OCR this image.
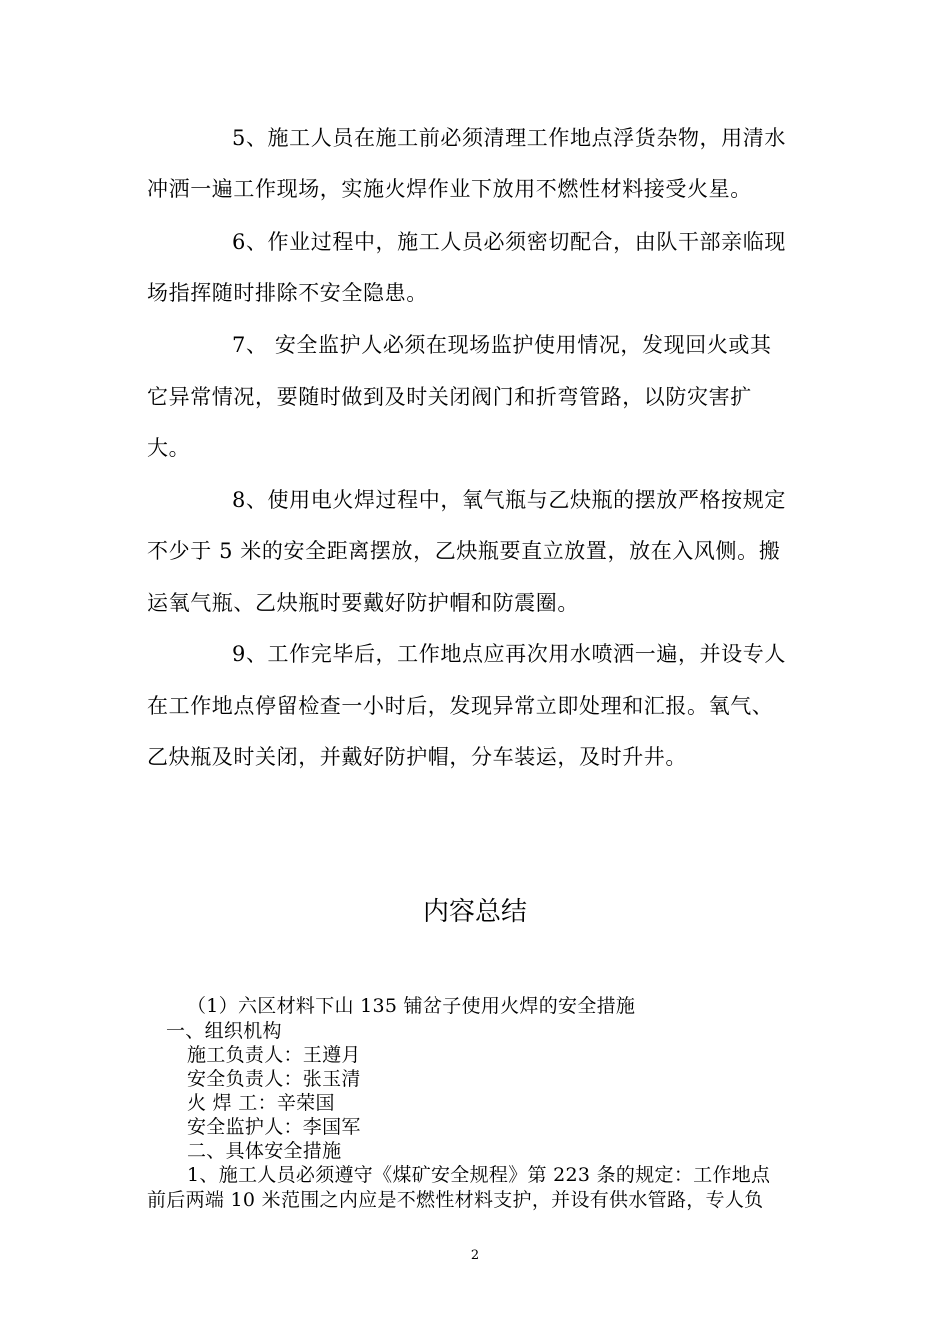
5、施工人员在施工前必须清理工作地点浮货杂物，用清水
冲洒一遍工作现场，实施火焊作业下放用不燃性材料接受火星。
6、作业过程中，施工人员必须密切配合，由队干部亲临现
场指挥随时排除不安全隐患。
7、 安全监护人必须在现场监护使用情况，发现回火或其
它异常情况，要随时做到及时关闭阀门和折弯管路，以防灾害扩
大。
8、使用电火焊过程中，氧气瓶与乙炔瓶的摆放严格按规定
不少于 5 米的安全距离摆放，乙炔瓶要直立放置，放在入风侧。搬
运氧气瓶、乙炔瓶时要戴好防护帽和防震圈。
9、工作完毕后，工作地点应再次用水喷洒一遍，并设专人
在工作地点停留检查一小时后，发现异常立即处理和汇报。氧气、
乙炔瓶及时关闭，并戴好防护帽，分车装运，及时升井。
内容总结
（1）六区材料下山 135 铺岔子使用火焊的安全措施
一、组织机构
施工负责人：王遵月
安全负责人：张玉清
火 焊 工：辛荣国
安全监护人：李国军
二、具体安全措施
1、施工人员必须遵守《煤矿安全规程》第 223 条的规定：工作地点
前后两端 10 米范围之内应是不燃性材料支护，并设有供水管路，专人负
2
